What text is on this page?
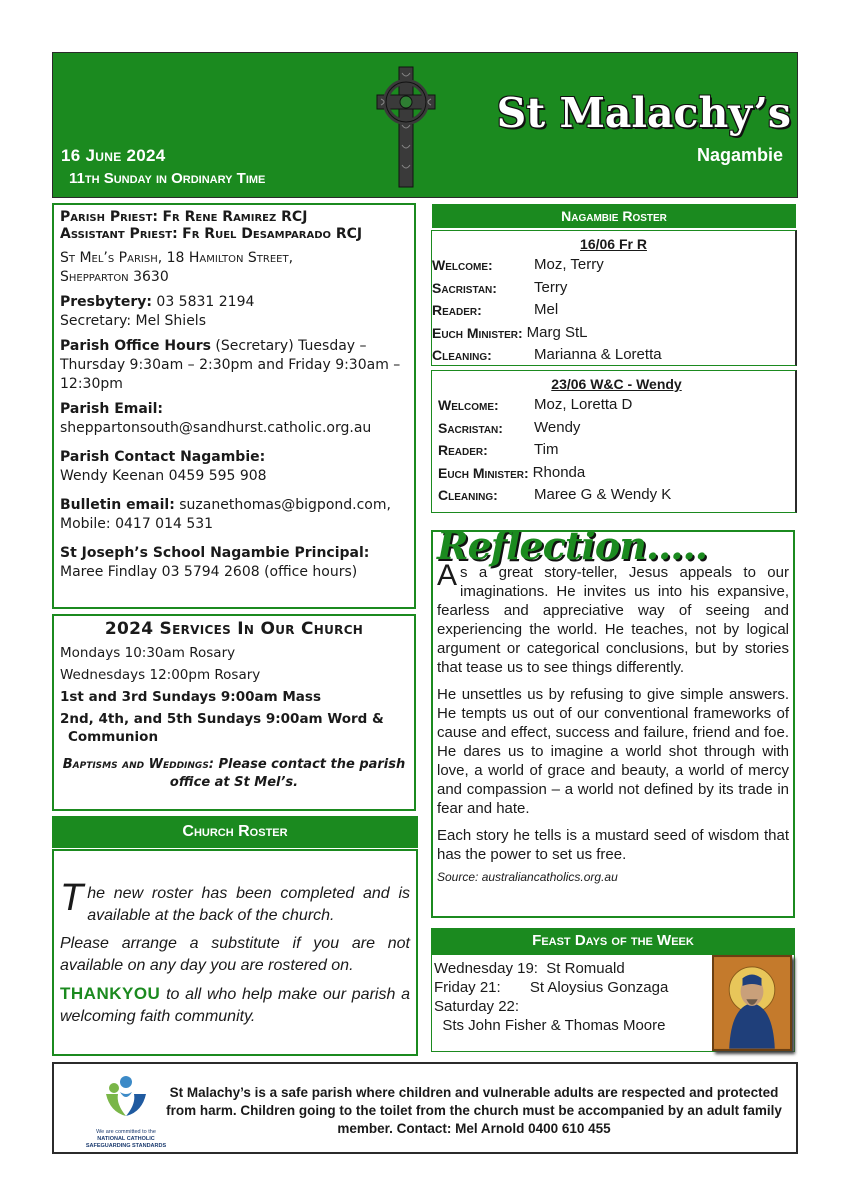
16 June 2024
11th Sunday in Ordinary Time
St Malachy’s
Nagambie
Parish Priest: Fr Rene Ramirez RCJ
Assistant Priest: Fr Ruel Desamparado RCJ

St Mel’s Parish, 18 Hamilton Street,
Shepparton 3630

Presbytery: 03 5831 2194
Secretary: Mel Shiels

Parish Office Hours (Secretary) Tuesday – Thursday 9:30am – 2:30pm and Friday 9:30am – 12:30pm

Parish Email:
sheppartonsouth@sandhurst.catholic.org.au

Parish Contact Nagambie:
Wendy Keenan 0459 595 908

Bulletin email: suzanethomas@bigpond.com,
Mobile: 0417 014 531

St Joseph’s School Nagambie Principal:
Maree Findlay 03 5794 2608 (office hours)

2024 Services In Our Church
Mondays 10:30am Rosary
Wednesdays 12:00pm Rosary
1st and 3rd Sundays 9:00am Mass
2nd, 4th, and 5th Sundays 9:00am Word &
Communion
Baptisms and Weddings: Please contact the parish office at St Mel’s.
Church Roster

T he new roster has been completed and is available at the back of the church.

Please arrange a substitute if you are not available on any day you are rostered on.

THANKYOU to all who help make our parish a welcoming faith community.

Nagambie Roster
16/06 Fr R
Welcome:	Moz, Terry
Sacristan:	Terry
Reader:	Mel
Euch Minister: Marg StL
Cleaning:	Marianna & Loretta
23/06 W&C - Wendy
Welcome:	Moz, Loretta D
Sacristan:	Wendy
Reader:	Tim
Euch Minister: Rhonda
Cleaning:	Maree G & Wendy K
Reflection.....

A s a great story-teller, Jesus appeals to our imaginations. He invites us into his expansive, fearless and appreciative way of seeing and experiencing the world. He teaches, not by logical argument or categorical conclusions, but by stories that tease us to see things differently.

He unsettles us by refusing to give simple answers. He tempts us out of our conventional frameworks of cause and effect, success and failure, friend and foe. He dares us to imagine a world shot through with love, a world of grace and beauty, a world of mercy and compassion – a world not defined by its trade in fear and hate.

Each story he tells is a mustard seed of wisdom that has the power to set us free.

Source: australiancatholics.org.au
Feast Days of the Week
Wednesday 19:  St Romuald
Friday 21:       St Aloysius Gonzaga
Saturday 22:
Sts John Fisher & Thomas Moore
We are committed to the
NATIONAL CATHOLIC
SAFEGUARDING STANDARDS
St Malachy’s is a safe parish where children and vulnerable adults are respected and protected from harm. Children going to the toilet from the church must be accompanied by an adult family member. Contact: Mel Arnold 0400 610 455
